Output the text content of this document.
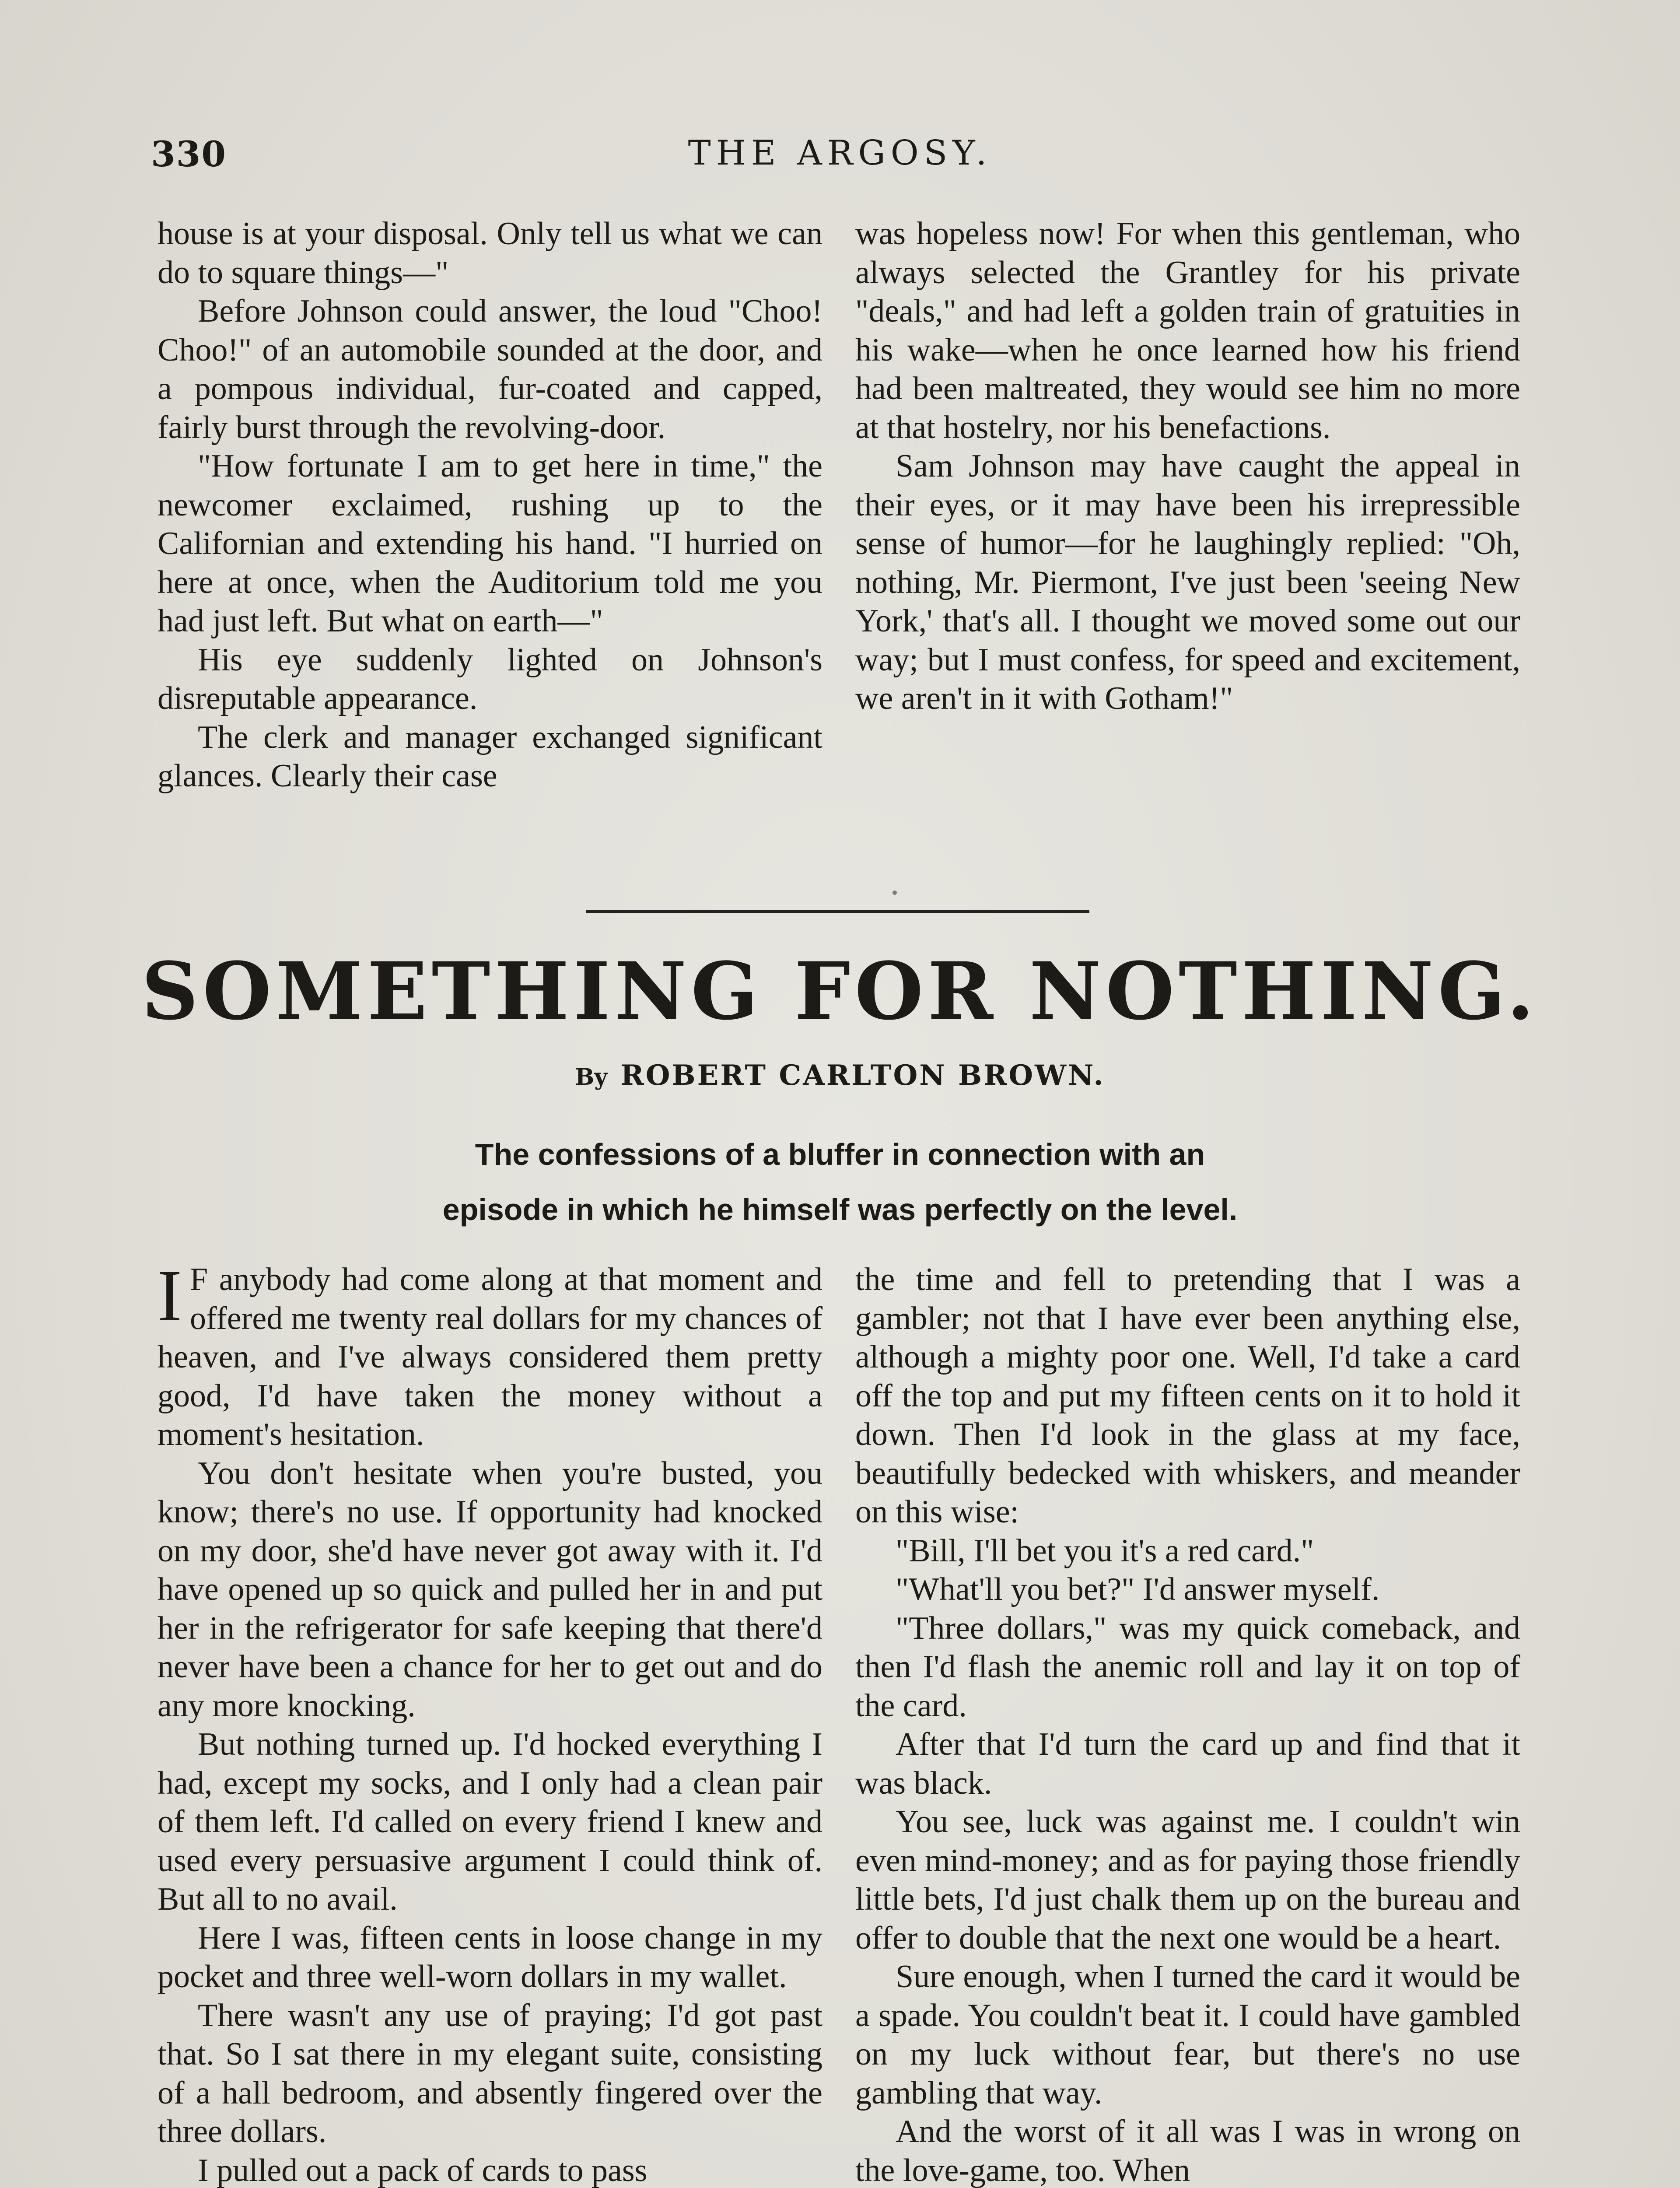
330	THE ARGOSY.

house is at your disposal. Only tell us what we can do to square things—"

Before Johnson could answer, the loud "Choo! Choo!" of an automobile sounded at the door, and a pompous individual, fur-coated and capped, fairly burst through the revolving-door.

"How fortunate I am to get here in time," the newcomer exclaimed, rushing up to the Californian and extending his hand. "I hurried on here at once, when the Auditorium told me you had just left. But what on earth—"

His eye suddenly lighted on Johnson's disreputable appearance.

The clerk and manager exchanged significant glances. Clearly their case

was hopeless now! For when this gentleman, who always selected the Grantley for his private "deals," and had left a golden train of gratuities in his wake—when he once learned how his friend had been maltreated, they would see him no more at that hostelry, nor his benefactions.

Sam Johnson may have caught the appeal in their eyes, or it may have been his irrepressible sense of humor—for he laughingly replied: "Oh, nothing, Mr. Piermont, I've just been 'seeing New York,' that's all. I thought we moved some out our way; but I must confess, for speed and excitement, we aren't in it with Gotham!"

SOMETHING FOR NOTHING.
By ROBERT CARLTON BROWN.
The confessions of a bluffer in connection with an episode in which he himself was perfectly on the level.

I F anybody had come along at that moment and offered me twenty real dollars for my chances of heaven, and I've always considered them pretty good, I'd have taken the money without a moment's hesitation.

You don't hesitate when you're busted, you know; there's no use. If opportunity had knocked on my door, she'd have never got away with it. I'd have opened up so quick and pulled her in and put her in the refrigerator for safe keeping that there'd never have been a chance for her to get out and do any more knocking.

But nothing turned up. I'd hocked everything I had, except my socks, and I only had a clean pair of them left. I'd called on every friend I knew and used every persuasive argument I could think of. But all to no avail.

Here I was, fifteen cents in loose change in my pocket and three well-worn dollars in my wallet.

There wasn't any use of praying; I'd got past that. So I sat there in my elegant suite, consisting of a hall bedroom, and absently fingered over the three dollars.

I pulled out a pack of cards to pass

the time and fell to pretending that I was a gambler; not that I have ever been anything else, although a mighty poor one. Well, I'd take a card off the top and put my fifteen cents on it to hold it down. Then I'd look in the glass at my face, beautifully bedecked with whiskers, and meander on this wise:

"Bill, I'll bet you it's a red card."

"What'll you bet?" I'd answer myself.

"Three dollars," was my quick comeback, and then I'd flash the anemic roll and lay it on top of the card.

After that I'd turn the card up and find that it was black.

You see, luck was against me. I couldn't win even mind-money; and as for paying those friendly little bets, I'd just chalk them up on the bureau and offer to double that the next one would be a heart.

Sure enough, when I turned the card it would be a spade. You couldn't beat it. I could have gambled on my luck without fear, but there's no use gambling that way.

And the worst of it all was I was in wrong on the love-game, too. When
